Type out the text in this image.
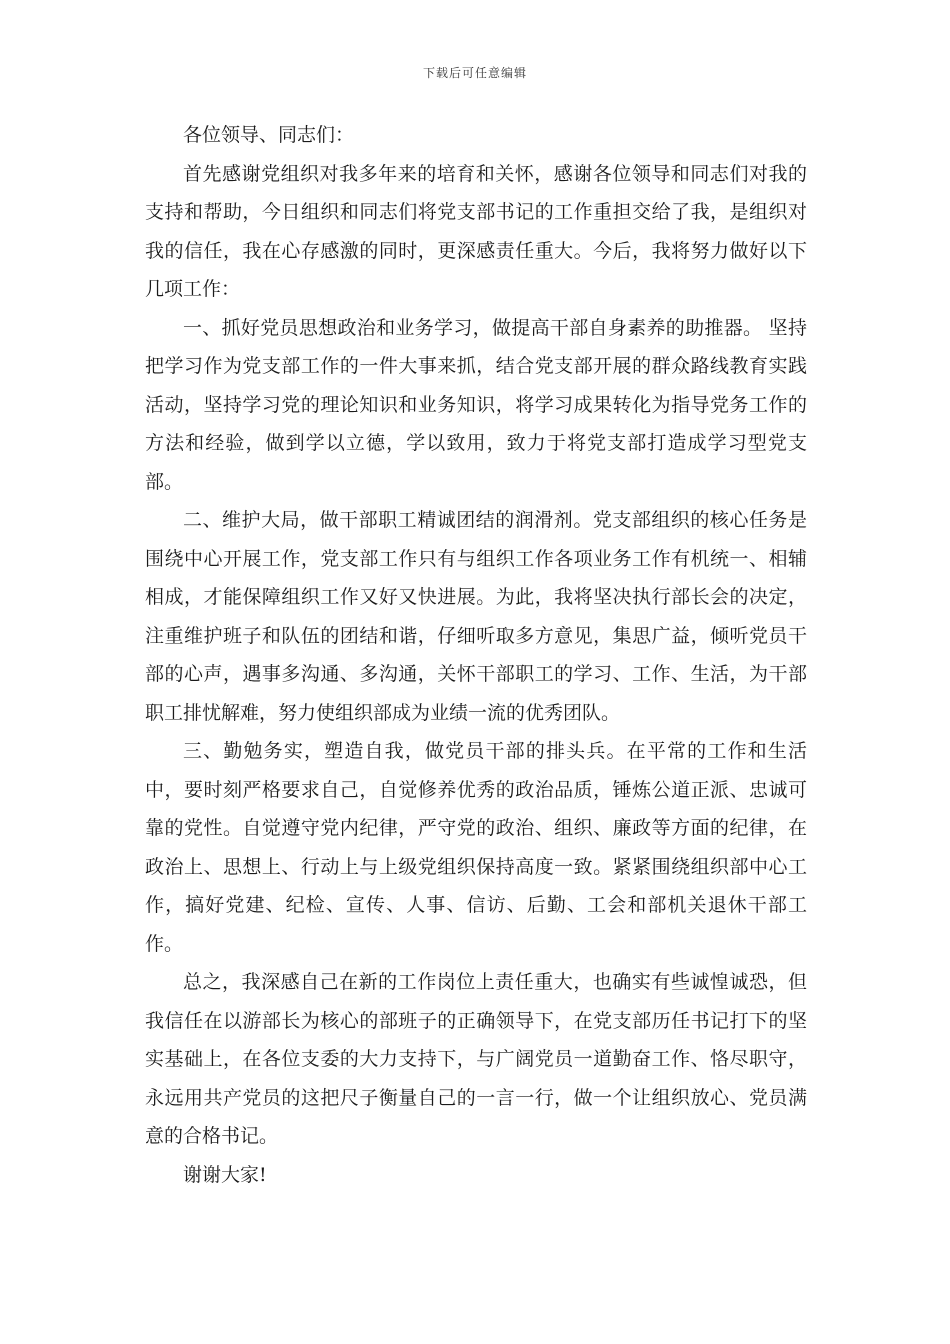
下载后可任意编辑

各位领导、同志们：

首先感谢党组织对我多年来的培育和关怀，感谢各位领导和同志们对我的支持和帮助，今日组织和同志们将党支部书记的工作重担交给了我，是组织对我的信任，我在心存感激的同时，更深感责任重大。今后，我将努力做好以下几项工作：

一、抓好党员思想政治和业务学习，做提高干部自身素养的助推器。 坚持把学习作为党支部工作的一件大事来抓，结合党支部开展的群众路线教育实践活动，坚持学习党的理论知识和业务知识，将学习成果转化为指导党务工作的方法和经验，做到学以立德，学以致用，致力于将党支部打造成学习型党支部。

二、维护大局，做干部职工精诚团结的润滑剂。党支部组织的核心任务是围绕中心开展工作，党支部工作只有与组织工作各项业务工作有机统一、相辅相成，才能保障组织工作又好又快进展。为此，我将坚决执行部长会的决定，注重维护班子和队伍的团结和谐，仔细听取多方意见，集思广益，倾听党员干部的心声，遇事多沟通、多沟通，关怀干部职工的学习、工作、生活，为干部职工排忧解难，努力使组织部成为业绩一流的优秀团队。

三、勤勉务实，塑造自我，做党员干部的排头兵。在平常的工作和生活中，要时刻严格要求自己，自觉修养优秀的政治品质，锤炼公道正派、忠诚可靠的党性。自觉遵守党内纪律，严守党的政治、组织、廉政等方面的纪律，在政治上、思想上、行动上与上级党组织保持高度一致。紧紧围绕组织部中心工作，搞好党建、纪检、宣传、人事、信访、后勤、工会和部机关退休干部工作。

总之，我深感自己在新的工作岗位上责任重大，也确实有些诚惶诚恐，但我信任在以游部长为核心的部班子的正确领导下，在党支部历任书记打下的坚实基础上，在各位支委的大力支持下，与广阔党员一道勤奋工作、恪尽职守，永远用共产党员的这把尺子衡量自己的一言一行，做一个让组织放心、党员满意的合格书记。

谢谢大家!
